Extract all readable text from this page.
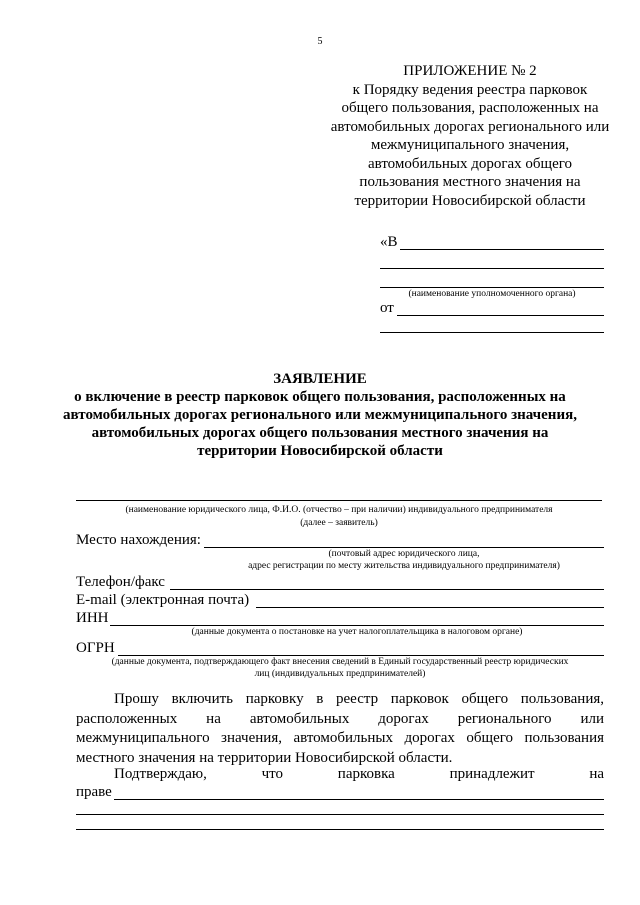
5
ПРИЛОЖЕНИЕ № 2
к Порядку ведения реестра парковок общего пользования, расположенных на автомобильных дорогах регионального или межмуниципального значения, автомобильных дорогах общего пользования местного значения на территории Новосибирской области
«В
(наименование уполномоченного органа)
от
ЗАЯВЛЕНИЕ
о включение в реестр парковок общего пользования, расположенных на автомобильных дорогах регионального или межмуниципального значения, автомобильных дорогах общего пользования местного значения на территории Новосибирской области
(наименование юридического лица, Ф.И.О. (отчество – при наличии) индивидуального предпринимателя
(далее – заявитель)
Место нахождения:
(почтовый адрес юридического лица,
адрес регистрации по месту жительства индивидуального предпринимателя)
Телефон/факс
E-mail (электронная почта)
ИНН
(данные документа о постановке на учет налогоплательщика в налоговом органе)
ОГРН
(данные документа, подтверждающего факт внесения сведений в Единый государственный реестр юридических
лиц (индивидуальных предпринимателей)
Прошу включить парковку в реестр парковок общего пользования, расположенных на автомобильных дорогах регионального или межмуниципального значения, автомобильных дорогах общего пользования местного значения на территории Новосибирской области.
Подтверждаю,	что	парковка	принадлежит	на
праве
